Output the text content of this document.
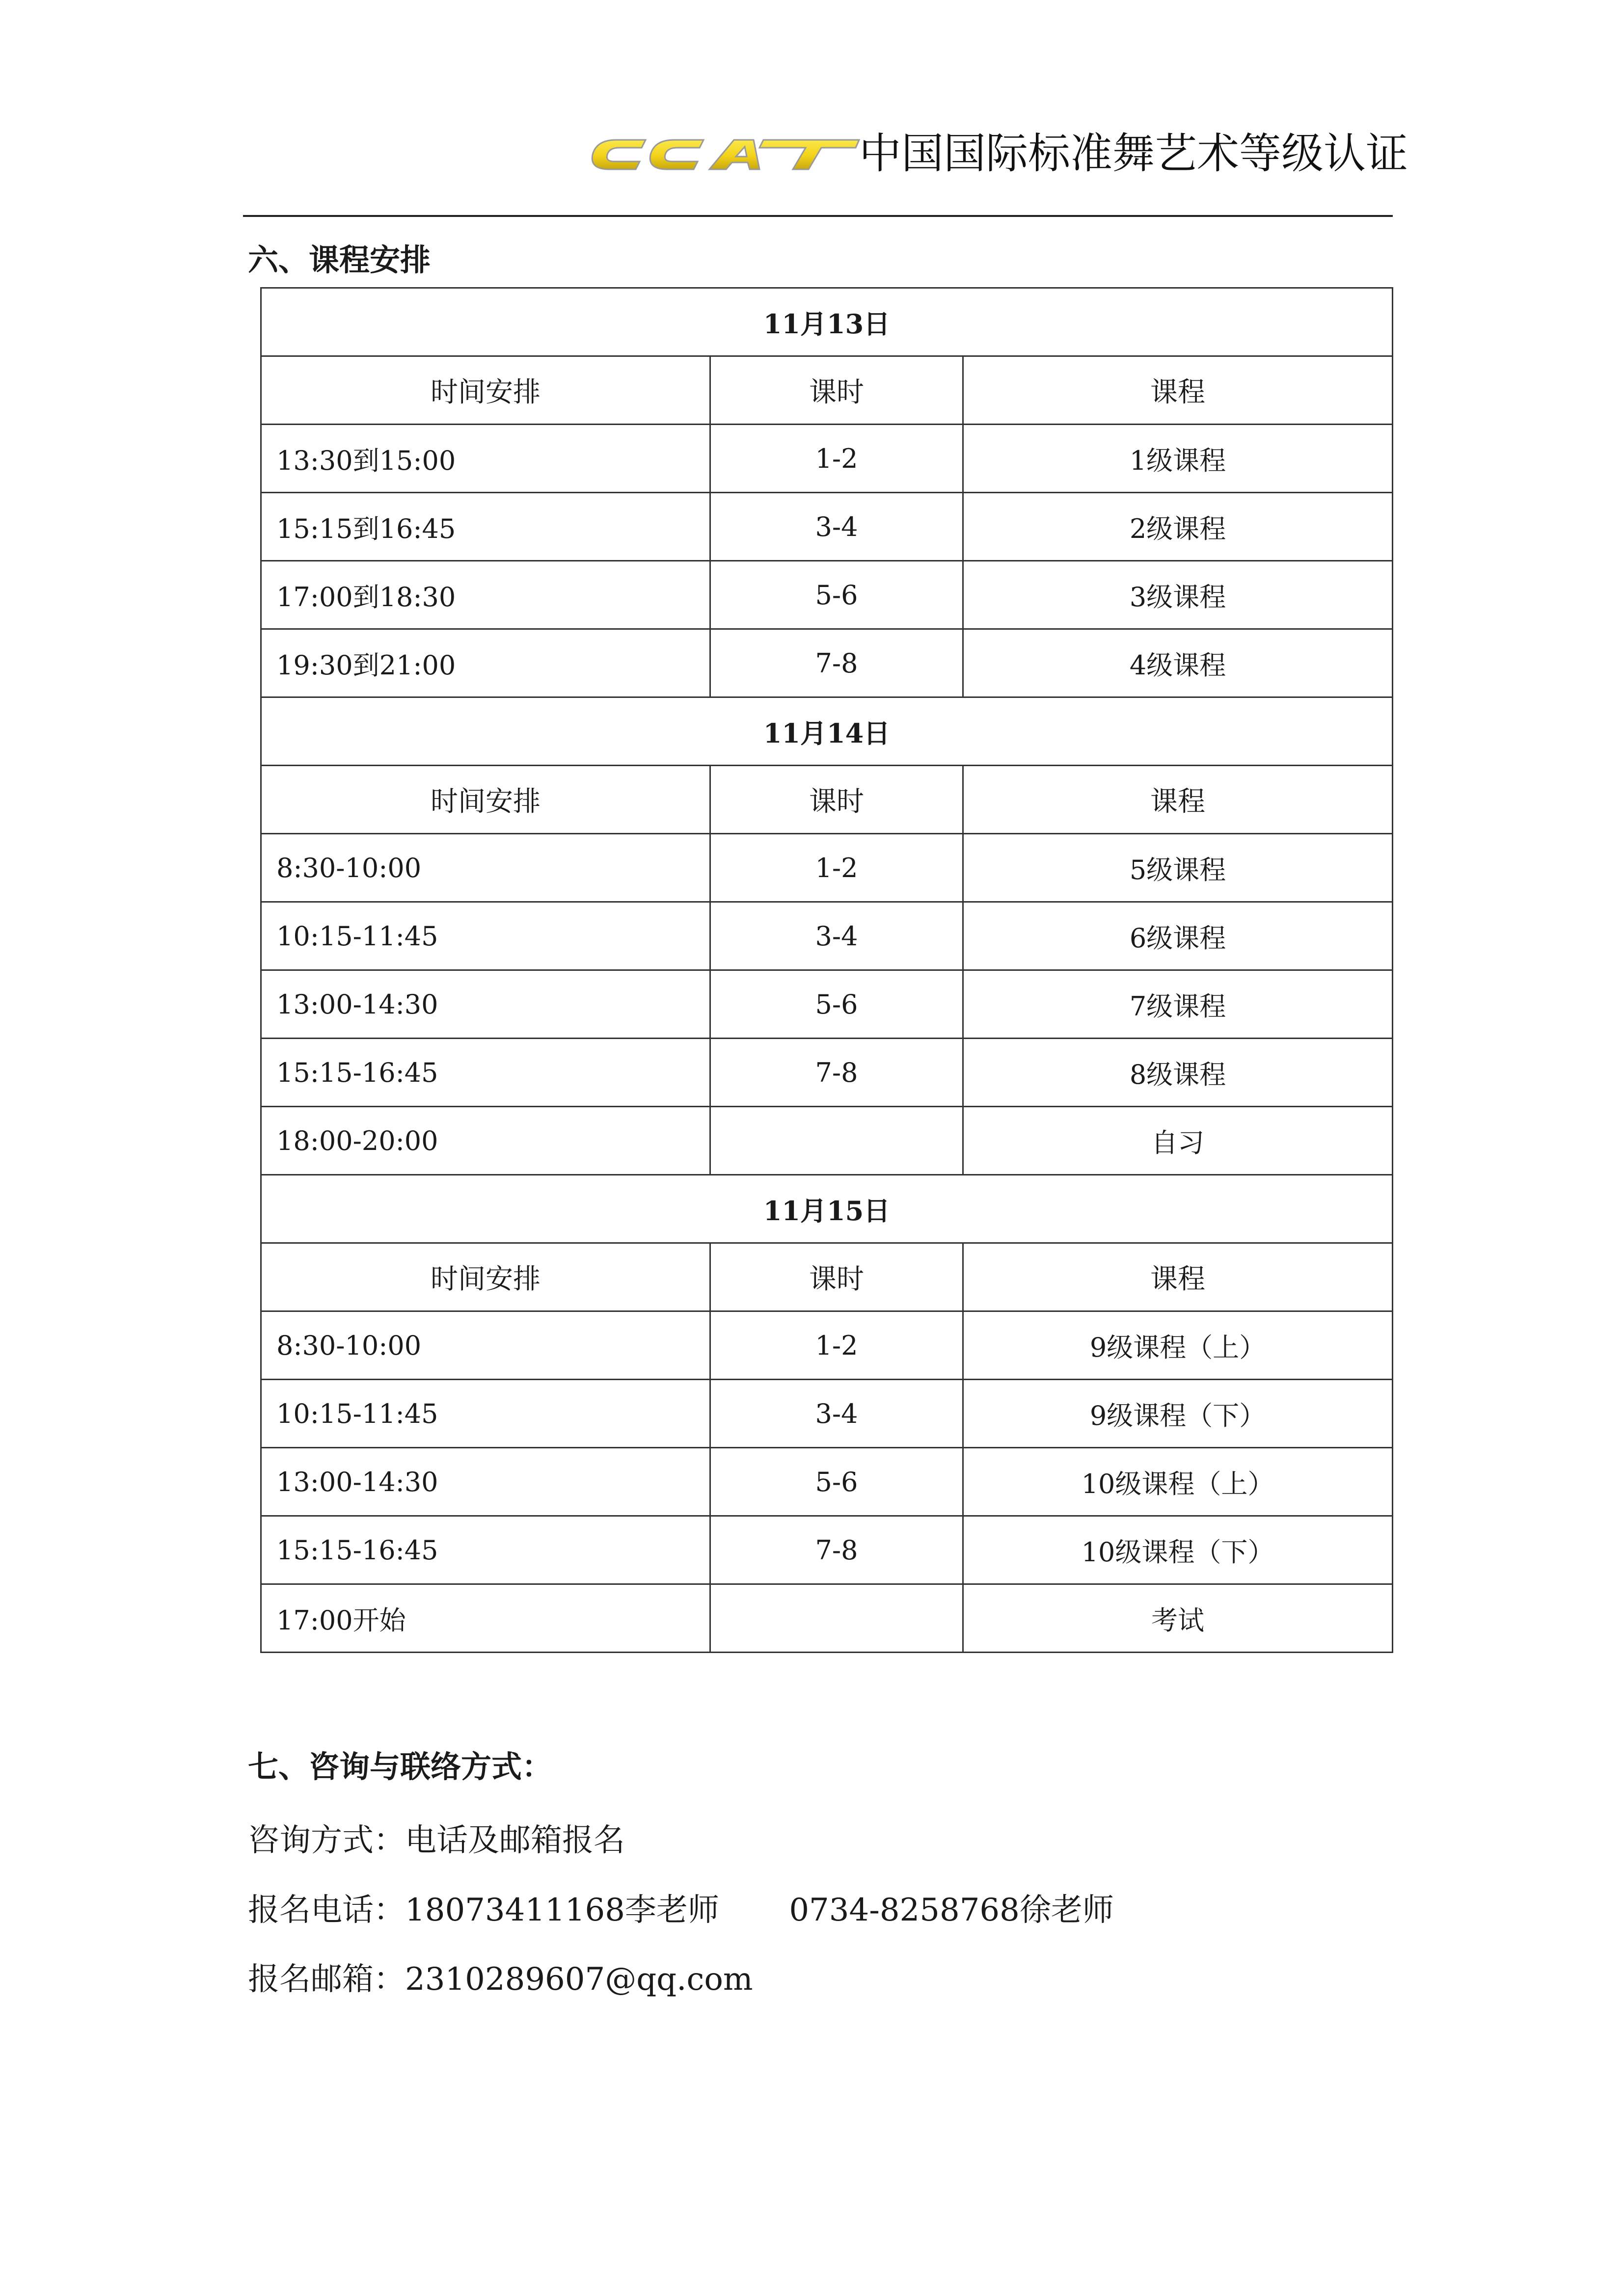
中国国际标准舞艺术等级认证
六、课程安排
11月13日		
时间安排	课时	课程
13:30到15:00	1-2	1级课程
15:15到16:45	3-4	2级课程
17:00到18:30	5-6	3级课程
19:30到21:00	7-8	4级课程
11月14日		
时间安排	课时	课程
8:30-10:00	1-2	5级课程
10:15-11:45	3-4	6级课程
13:00-14:30	5-6	7级课程
15:15-16:45	7-8	8级课程
18:00-20:00		自习
11月15日		
时间安排	课时	课程
8:30-10:00	1-2	9级课程（上）
10:15-11:45	3-4	9级课程（下）
13:00-14:30	5-6	10级课程（上）
15:15-16:45	7-8	10级课程（下）
17:00开始		考试
七、咨询与联络方式：
咨询方式：电话及邮箱报名
报名电话：18073411168李老师 0734-8258768徐老师
报名邮箱：2310289607@qq.com
